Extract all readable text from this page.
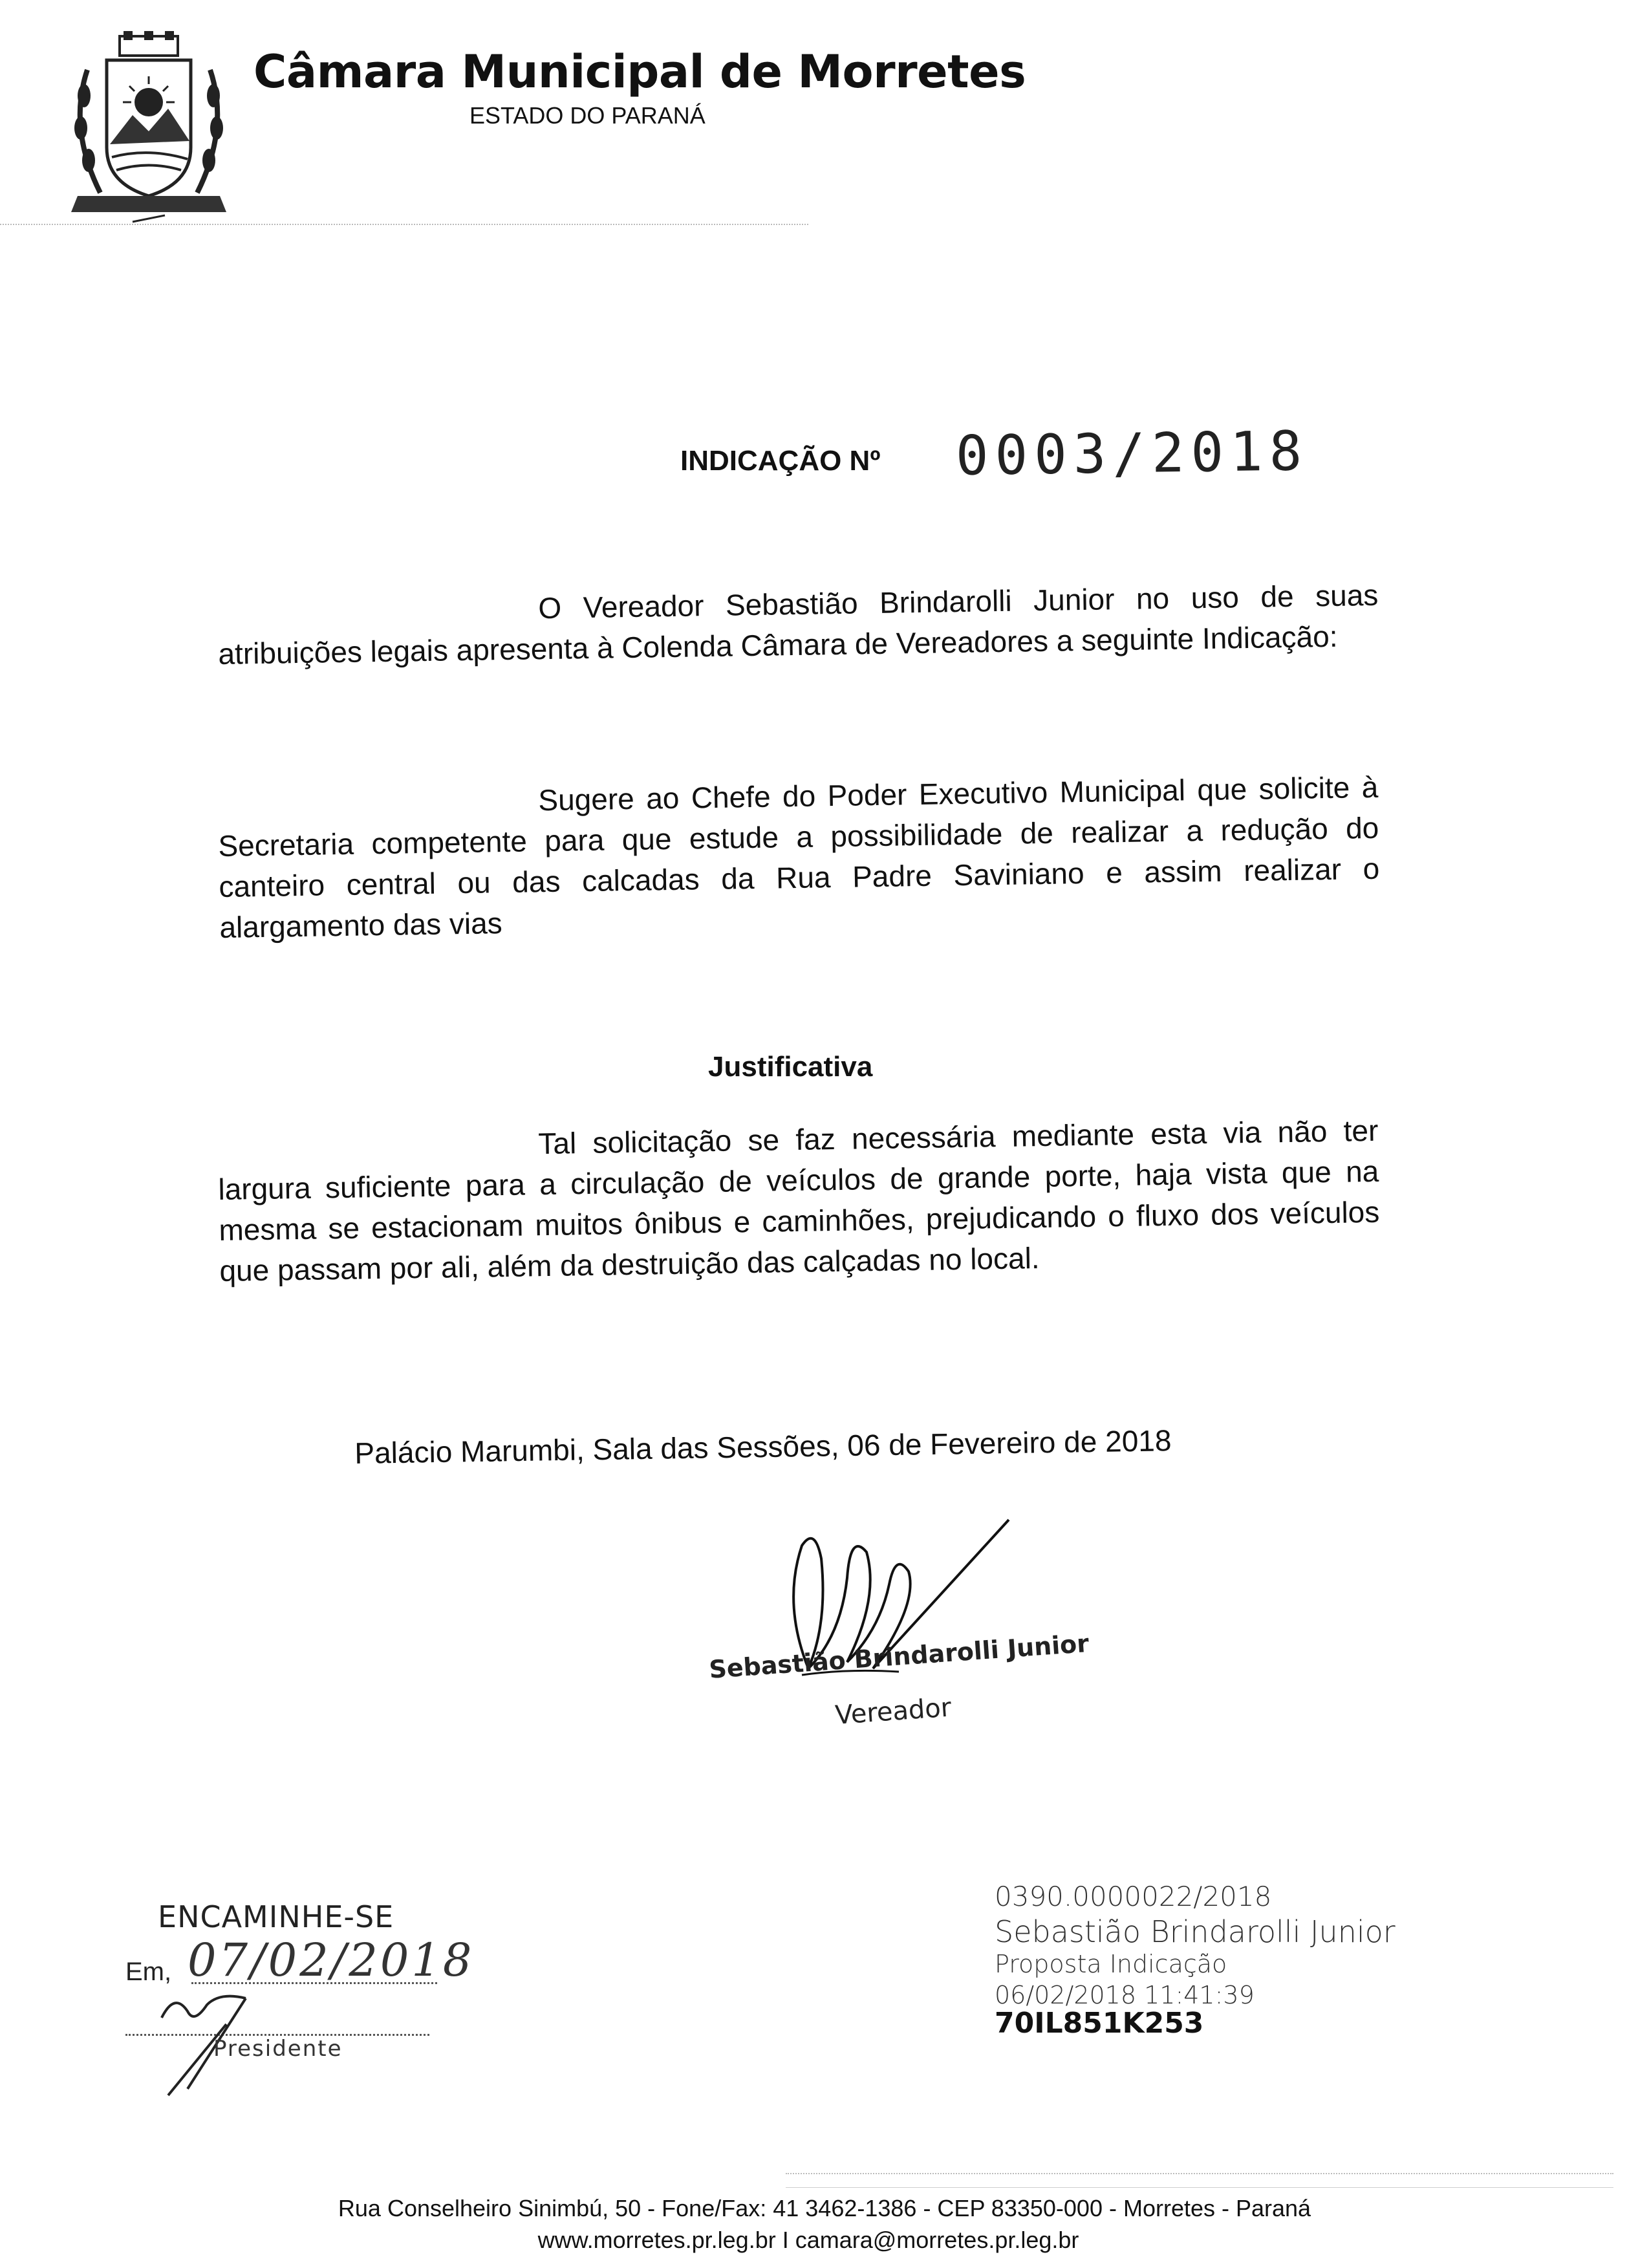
Câmara Municipal de Morretes
ESTADO DO PARANÁ
INDICAÇÃO Nº 0003/2018
O Vereador Sebastião Brindarolli Junior no uso de suas atribuições legais apresenta à Colenda Câmara de Vereadores a seguinte Indicação:
Sugere ao Chefe do Poder Executivo Municipal que solicite à Secretaria competente para que estude a possibilidade de realizar a redução do canteiro central ou das calcadas da Rua Padre Saviniano e assim realizar o alargamento das vias
Justificativa
Tal solicitação se faz necessária mediante esta via não ter largura suficiente para a circulação de veículos de grande porte, haja vista que na mesma se estacionam muitos ônibus e caminhões, prejudicando o fluxo dos veículos que passam por ali, além da destruição das calçadas no local.
Palácio Marumbi, Sala das Sessões, 06 de Fevereiro de 2018
Sebastião Brindarolli Junior
Vereador
ENCAMINHE-SE
Em, 07/02/2018
Presidente
0390.0000022/2018
Sebastião Brindarolli Junior
Proposta Indicação
06/02/2018 11:41:39
70IL851K253
Rua Conselheiro Sinimbú, 50 - Fone/Fax: 41 3462-1386 - CEP 83350-000 - Morretes - Paraná
www.morretes.pr.leg.br I camara@morretes.pr.leg.br
